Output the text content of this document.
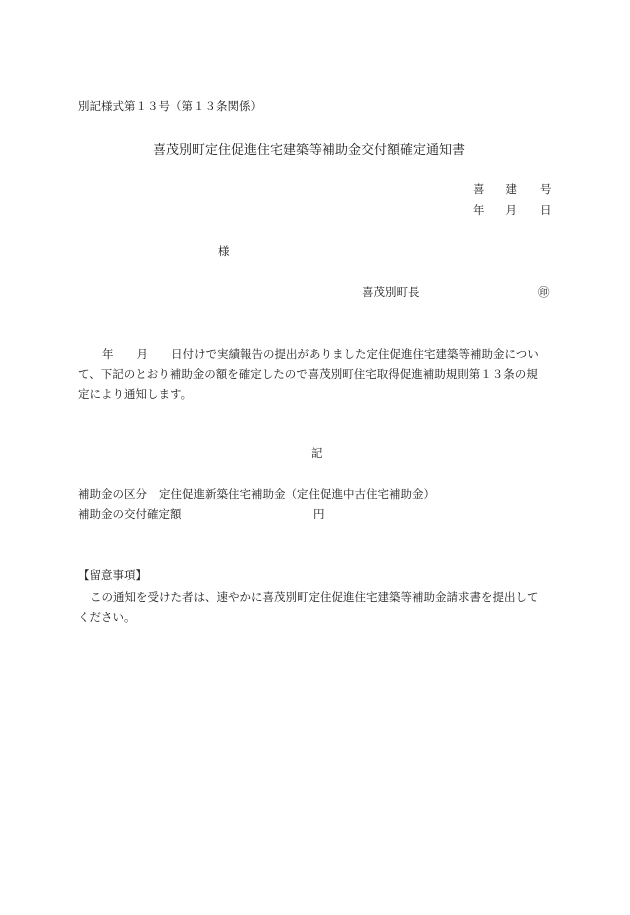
別記様式第１３号（第１３条関係）
喜茂別町定住促進住宅建築等補助金交付額確定通知書
喜 建 号
年 月 日
様
喜茂別町長	㊞
年　　月　　日付けで実績報告の提出がありました定住促進住宅建築等補助金につい
て、下記のとおり補助金の額を確定したので喜茂別町住宅取得促進補助規則第１３条の規
定により通知します。
記
補助金の区分 定住促進新築住宅補助金（定住促進中古住宅補助金）
補助金の交付確定額	円
【留意事項】
この通知を受けた者は、速やかに喜茂別町定住促進住宅建築等補助金請求書を提出して
ください。
